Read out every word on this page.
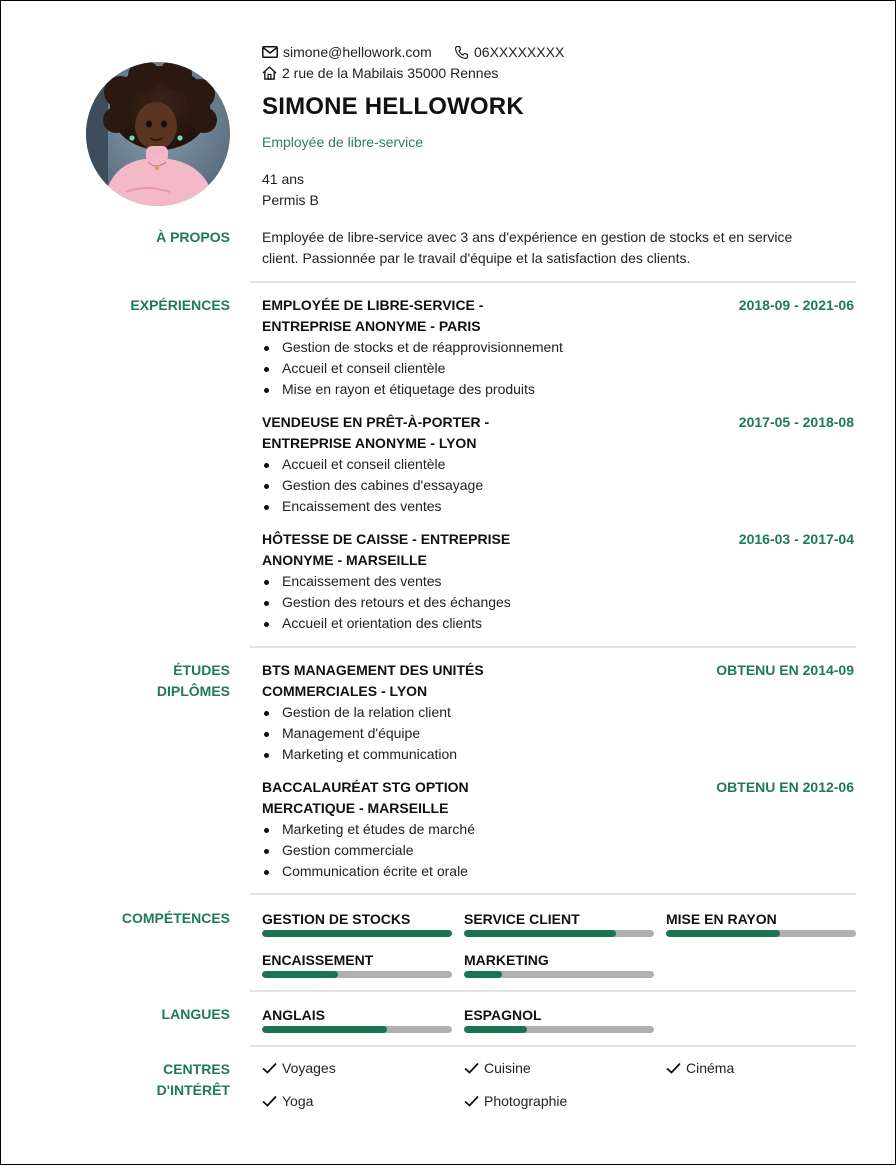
simone@hellowork.com	06XXXXXXXX
2 rue de la Mabilais 35000 Rennes
SIMONE HELLOWORK
Employée de libre-service
41 ans
Permis B
À PROPOS Employée de libre-service avec 3 ans d'expérience en gestion de stocks et en service
client. Passionnée par le travail d'équipe et la satisfaction des clients.
EXPÉRIENCES EMPLOYÉE DE LIBRE-SERVICE -
ENTREPRISE ANONYME - PARIS
2018-09 - 2021-06
Gestion de stocks et de réapprovisionnement
Accueil et conseil clientèle
Mise en rayon et étiquetage des produits
VENDEUSE EN PRÊT-À-PORTER -
ENTREPRISE ANONYME - LYON
2017-05 - 2018-08
Accueil et conseil clientèle
Gestion des cabines d'essayage
Encaissement des ventes
HÔTESSE DE CAISSE - ENTREPRISE
ANONYME - MARSEILLE
2016-03 - 2017-04
Encaissement des ventes
Gestion des retours et des échanges
Accueil et orientation des clients
ÉTUDES
DIPLÔMES
BTS MANAGEMENT DES UNITÉS
COMMERCIALES - LYON
OBTENU EN 2014-09
Gestion de la relation client
Management d'équipe
Marketing et communication
BACCALAURÉAT STG OPTION
MERCATIQUE - MARSEILLE
OBTENU EN 2012-06
Marketing et études de marché
Gestion commerciale
Communication écrite et orale
COMPÉTENCES GESTION DE STOCKS	SERVICE CLIENT	MISE EN RAYON
ENCAISSEMENT	MARKETING
LANGUES ANGLAIS	ESPAGNOL
CENTRES
D'INTÉRÊT
Voyages	Cuisine	Cinéma
Yoga	Photographie
